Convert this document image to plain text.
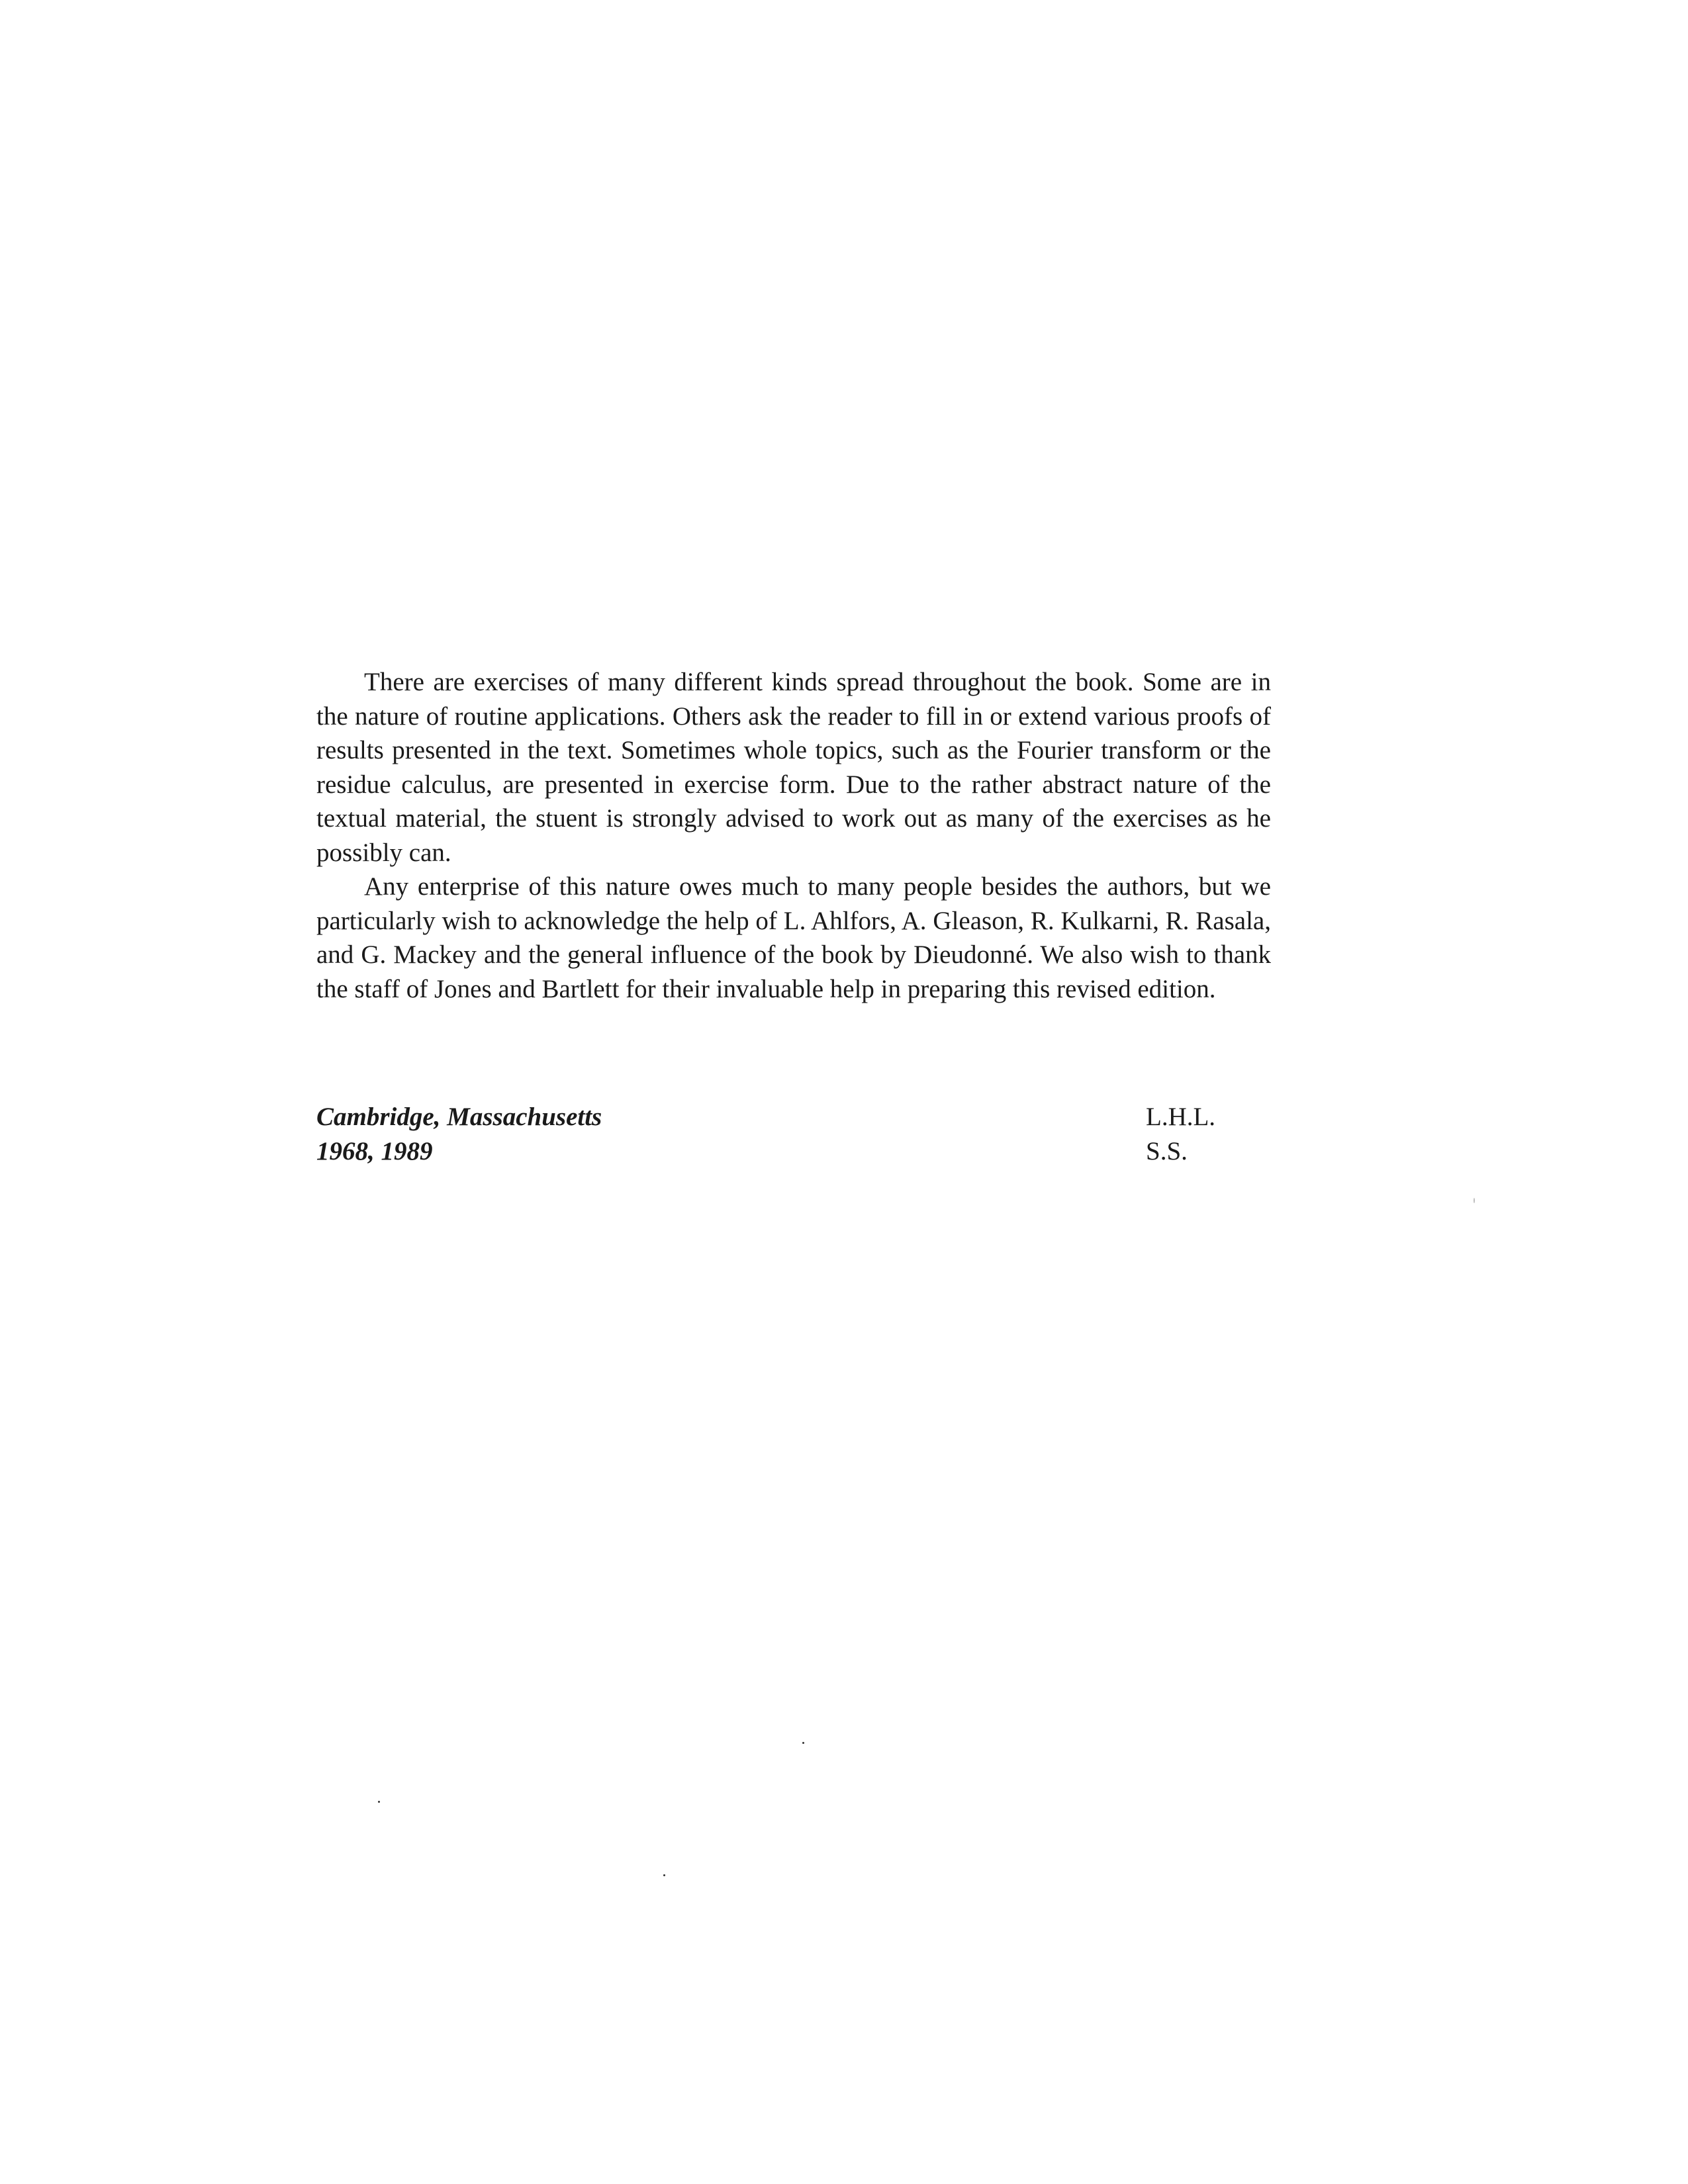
There are exercises of many different kinds spread throughout the book. Some are in the nature of routine applications. Others ask the reader to fill in or extend various proofs of results presented in the text. Sometimes whole topics, such as the Fourier transform or the residue calculus, are presented in exercise form. Due to the rather abstract nature of the textual material, the stuent is strongly advised to work out as many of the exercises as he possibly can.

Any enterprise of this nature owes much to many people besides the authors, but we particularly wish to acknowledge the help of L. Ahlfors, A. Gleason, R. Kulkarni, R. Rasala, and G. Mackey and the general influence of the book by Dieudonné. We also wish to thank the staff of Jones and Bartlett for their invaluable help in preparing this revised edition.

Cambridge, Massachusetts
1968, 1989
L.H.L.
S.S.
